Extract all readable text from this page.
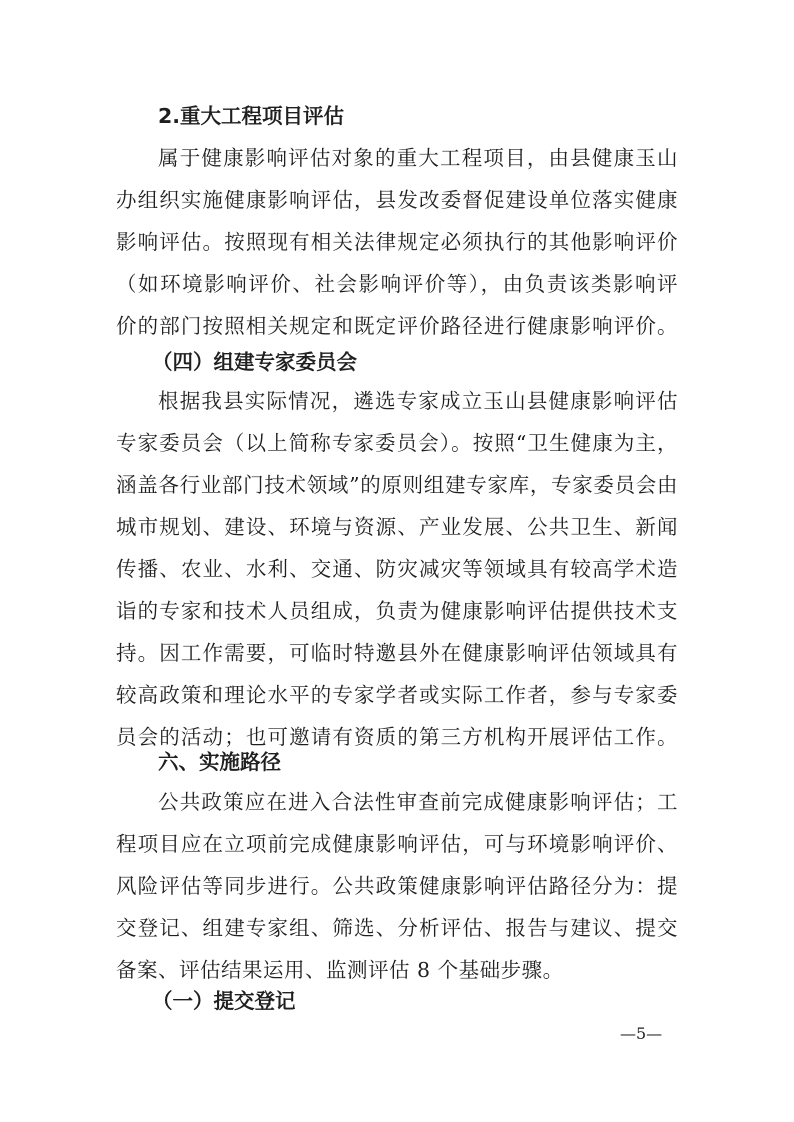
2.重大工程项目评估
属于健康影响评估对象的重大工程项目，由县健康玉山
办组织实施健康影响评估，县发改委督促建设单位落实健康
影响评估。按照现有相关法律规定必须执行的其他影响评价
（如环境影响评价、社会影响评价等），由负责该类影响评
价的部门按照相关规定和既定评价路径进行健康影响评价。
（四）组建专家委员会
根据我县实际情况，遴选专家成立玉山县健康影响评估
专家委员会（以上简称专家委员会）。按照“卫生健康为主，
涵盖各行业部门技术领域”的原则组建专家库，专家委员会由
城市规划、建设、环境与资源、产业发展、公共卫生、新闻
传播、农业、水利、交通、防灾减灾等领域具有较高学术造
诣的专家和技术人员组成，负责为健康影响评估提供技术支
持。因工作需要，可临时特邀县外在健康影响评估领域具有
较高政策和理论水平的专家学者或实际工作者，参与专家委
员会的活动；也可邀请有资质的第三方机构开展评估工作。
六、实施路径
公共政策应在进入合法性审查前完成健康影响评估；工
程项目应在立项前完成健康影响评估，可与环境影响评价、
风险评估等同步进行。公共政策健康影响评估路径分为：提
交登记、组建专家组、筛选、分析评估、报告与建议、提交
备案、评估结果运用、监测评估 8 个基础步骤。
（一）提交登记
—5—
